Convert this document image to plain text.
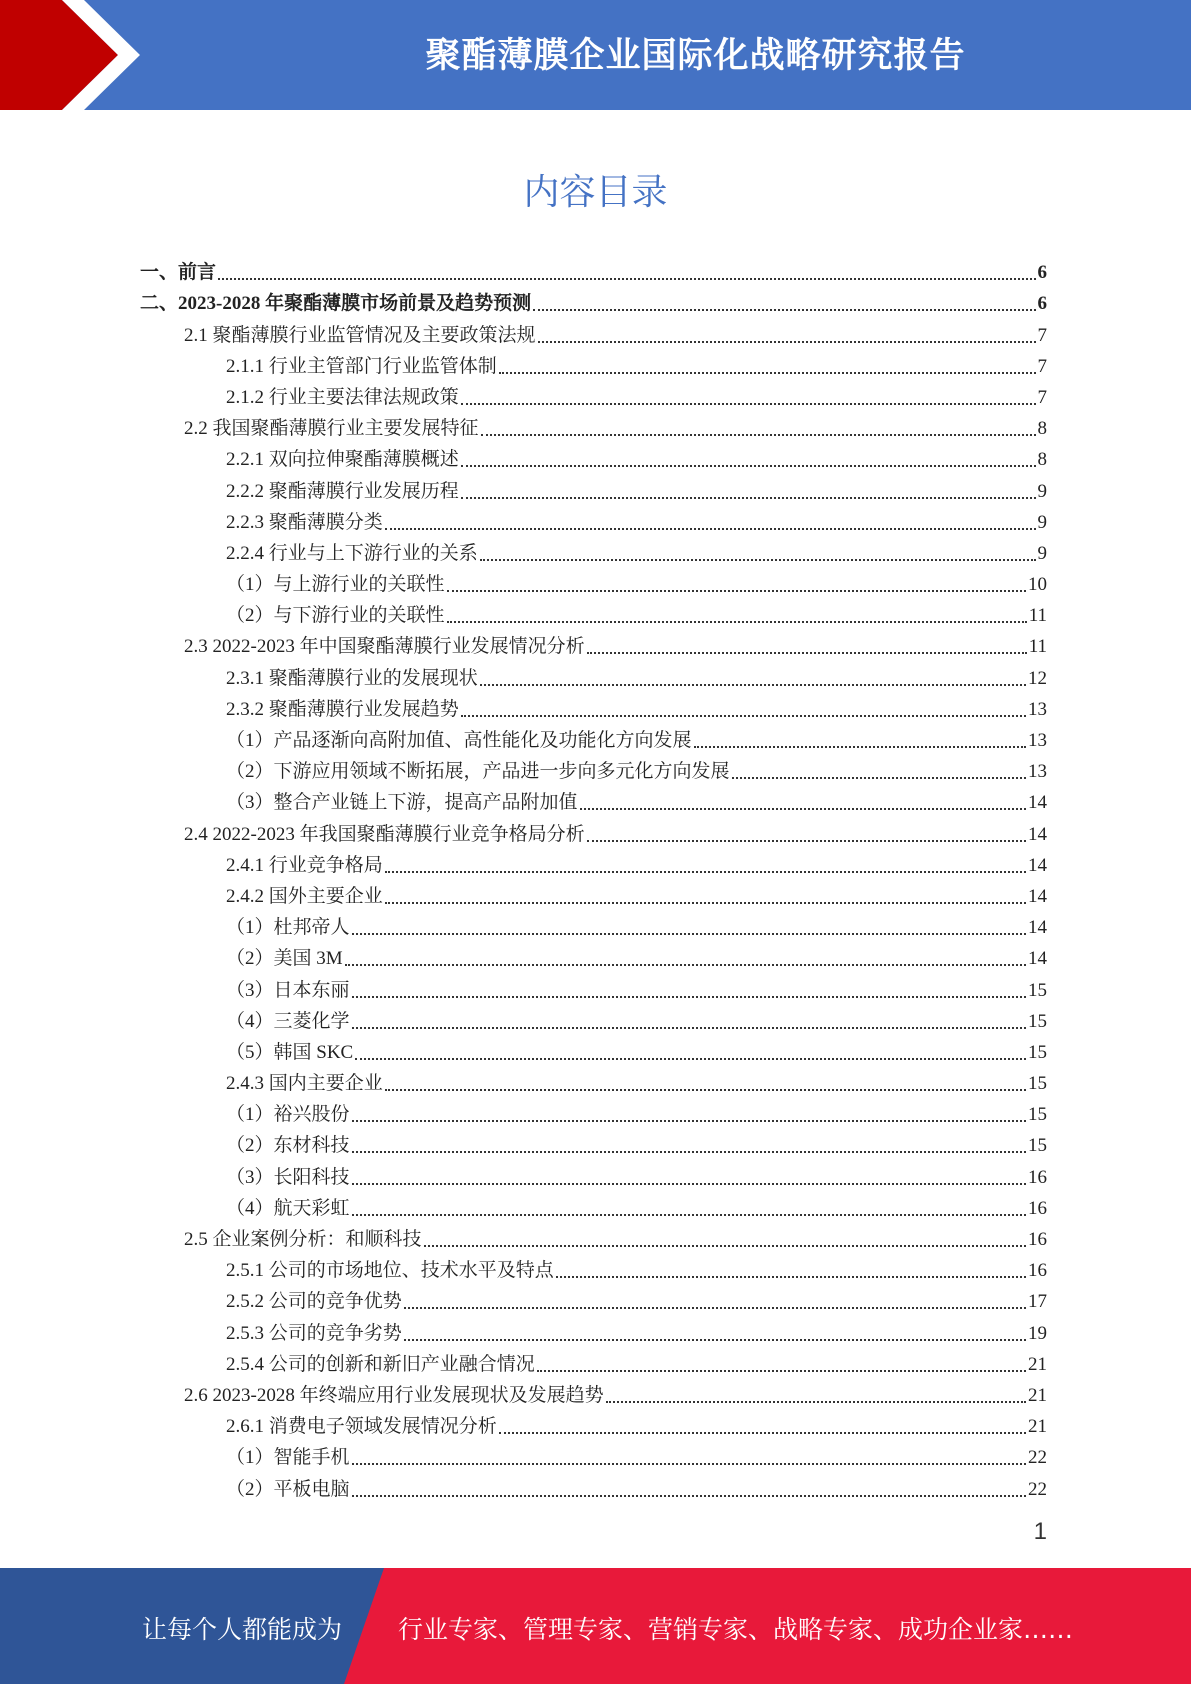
聚酯薄膜企业国际化战略研究报告
内容目录
一、前言	6
二、2023-2028 年聚酯薄膜市场前景及趋势预测	6
2.1 聚酯薄膜行业监管情况及主要政策法规	7
2.1.1 行业主管部门行业监管体制	7
2.1.2 行业主要法律法规政策	7
2.2 我国聚酯薄膜行业主要发展特征	8
2.2.1 双向拉伸聚酯薄膜概述	8
2.2.2 聚酯薄膜行业发展历程	9
2.2.3 聚酯薄膜分类	9
2.2.4 行业与上下游行业的关系	9
（1）与上游行业的关联性	10
（2）与下游行业的关联性	11
2.3 2022-2023 年中国聚酯薄膜行业发展情况分析	11
2.3.1 聚酯薄膜行业的发展现状	12
2.3.2 聚酯薄膜行业发展趋势	13
（1）产品逐渐向高附加值、高性能化及功能化方向发展	13
（2）下游应用领域不断拓展，产品进一步向多元化方向发展	13
（3）整合产业链上下游，提高产品附加值	14
2.4 2022-2023 年我国聚酯薄膜行业竞争格局分析	14
2.4.1 行业竞争格局	14
2.4.2 国外主要企业	14
（1）杜邦帝人	14
（2）美国 3M	14
（3）日本东丽	15
（4）三菱化学	15
（5）韩国 SKC	15
2.4.3 国内主要企业	15
（1）裕兴股份	15
（2）东材科技	15
（3）长阳科技	16
（4）航天彩虹	16
2.5 企业案例分析：和顺科技	16
2.5.1 公司的市场地位、技术水平及特点	16
2.5.2 公司的竞争优势	17
2.5.3 公司的竞争劣势	19
2.5.4 公司的创新和新旧产业融合情况	21
2.6 2023-2028 年终端应用行业发展现状及发展趋势	21
2.6.1 消费电子领域发展情况分析	21
（1）智能手机	22
（2）平板电脑	22
1
让每个人都能成为 行业专家、管理专家、营销专家、战略专家、成功企业家……
